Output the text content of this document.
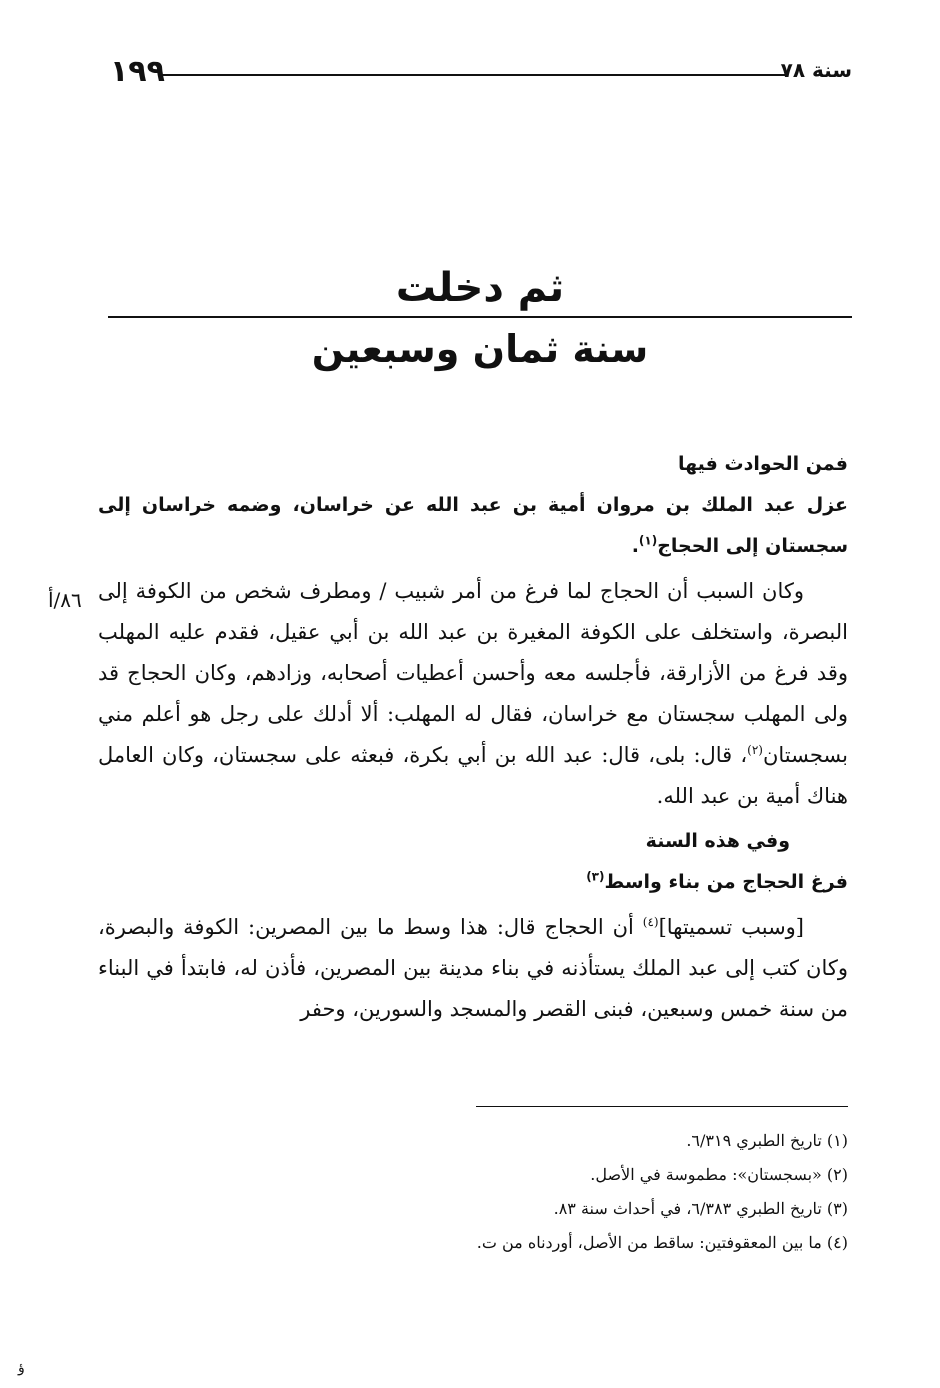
١٩٩	سنة ٧٨
ثم دخلت
سنة ثمان وسبعين
٨٦/أ

فمن الحوادث فيها

عزل عبد الملك بن مروان أمية بن عبد الله عن خراسان، وضمه خراسان إلى سجستان إلى الحجاج$^{(١)}$.

وكان السبب أن الحجاج لما فرغ من أمر شبيب / ومطرف شخص من الكوفة إلى البصرة، واستخلف على الكوفة المغيرة بن عبد الله بن أبي عقيل، فقدم عليه المهلب وقد فرغ من الأزارقة، فأجلسه معه وأحسن أعطيات أصحابه، وزادهم، وكان الحجاج قد ولى المهلب سجستان مع خراسان، فقال له المهلب: ألا أدلك على رجل هو أعلم مني بسجستان$^{(٢)}$، قال: بلى، قال: عبد الله بن أبي بكرة، فبعثه على سجستان، وكان العامل هناك أمية بن عبد الله.

وفي هذه السنة

فرغ الحجاج من بناء واسط$^{(٣)}$

[وسبب تسميتها]$^{(٤)}$ أن الحجاج قال: هذا وسط ما بين المصرين: الكوفة والبصرة، وكان كتب إلى عبد الملك يستأذنه في بناء مدينة بين المصرين، فأذن له، فابتدأ في البناء من سنة خمس وسبعين، فبنى القصر والمسجد والسورين، وحفر

(١) تاريخ الطبري ٦/٣١٩.

(٢) «بسجستان»: مطموسة في الأصل.

(٣) تاريخ الطبري ٦/٣٨٣، في أحداث سنة ٨٣.

(٤) ما بين المعقوفتين: ساقط من الأصل، أوردناه من ت.

ؤ
